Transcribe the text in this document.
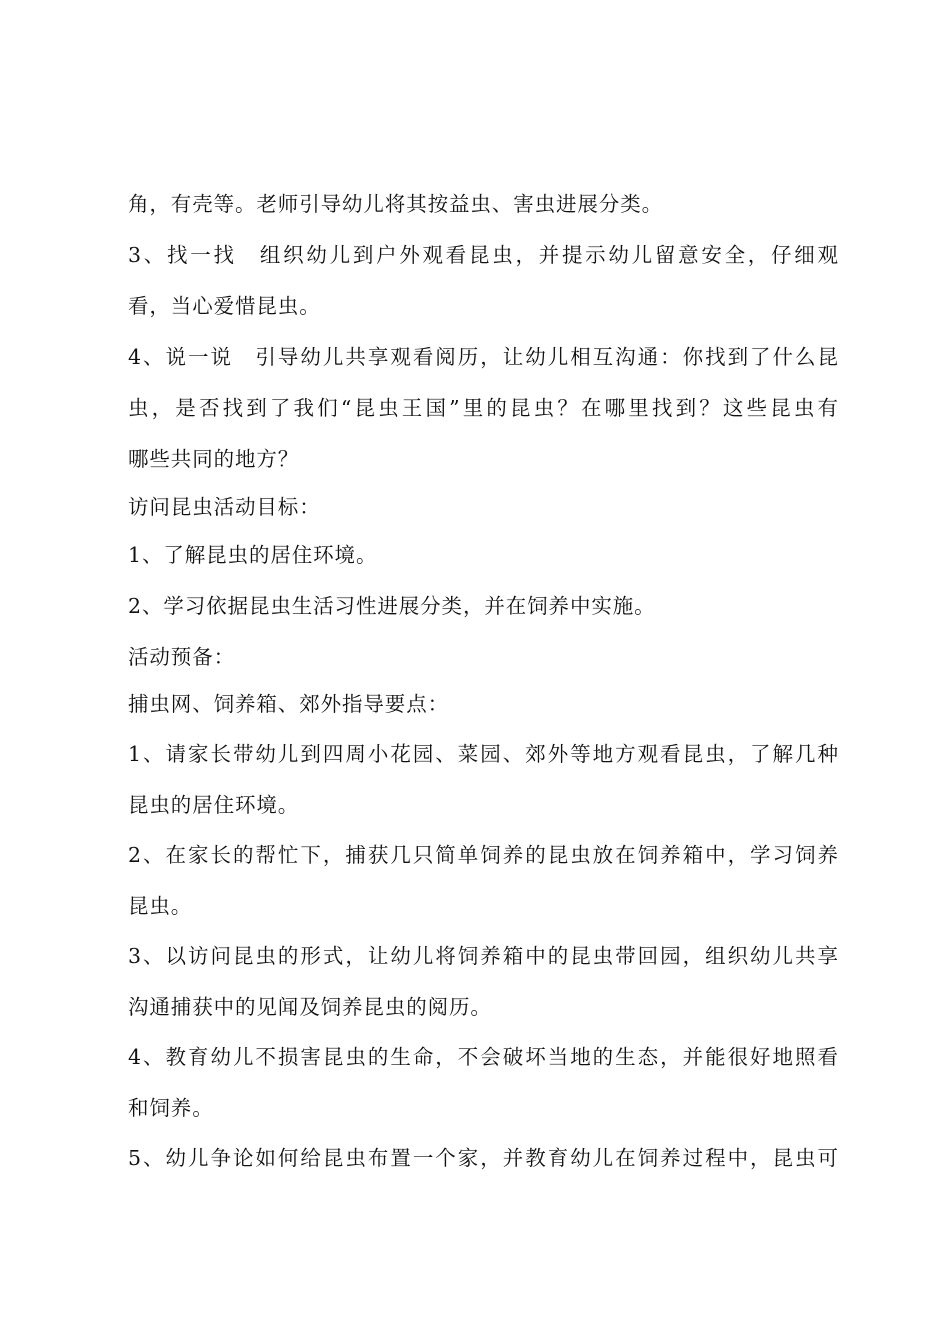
角，有壳等。老师引导幼儿将其按益虫、害虫进展分类。
3、找一找　组织幼儿到户外观看昆虫，并提示幼儿留意安全，仔细观
看，当心爱惜昆虫。
4、说一说　引导幼儿共享观看阅历，让幼儿相互沟通：你找到了什么昆
虫，是否找到了我们“昆虫王国”里的昆虫？在哪里找到？这些昆虫有
哪些共同的地方？
访问昆虫活动目标：
1、了解昆虫的居住环境。
2、学习依据昆虫生活习性进展分类，并在饲养中实施。
活动预备：
捕虫网、饲养箱、郊外指导要点：
1、请家长带幼儿到四周小花园、菜园、郊外等地方观看昆虫，了解几种
昆虫的居住环境。
2、在家长的帮忙下，捕获几只简单饲养的昆虫放在饲养箱中，学习饲养
昆虫。
3、以访问昆虫的形式，让幼儿将饲养箱中的昆虫带回园，组织幼儿共享
沟通捕获中的见闻及饲养昆虫的阅历。
4、教育幼儿不损害昆虫的生命，不会破坏当地的生态，并能很好地照看
和饲养。
5、幼儿争论如何给昆虫布置一个家，并教育幼儿在饲养过程中，昆虫可
